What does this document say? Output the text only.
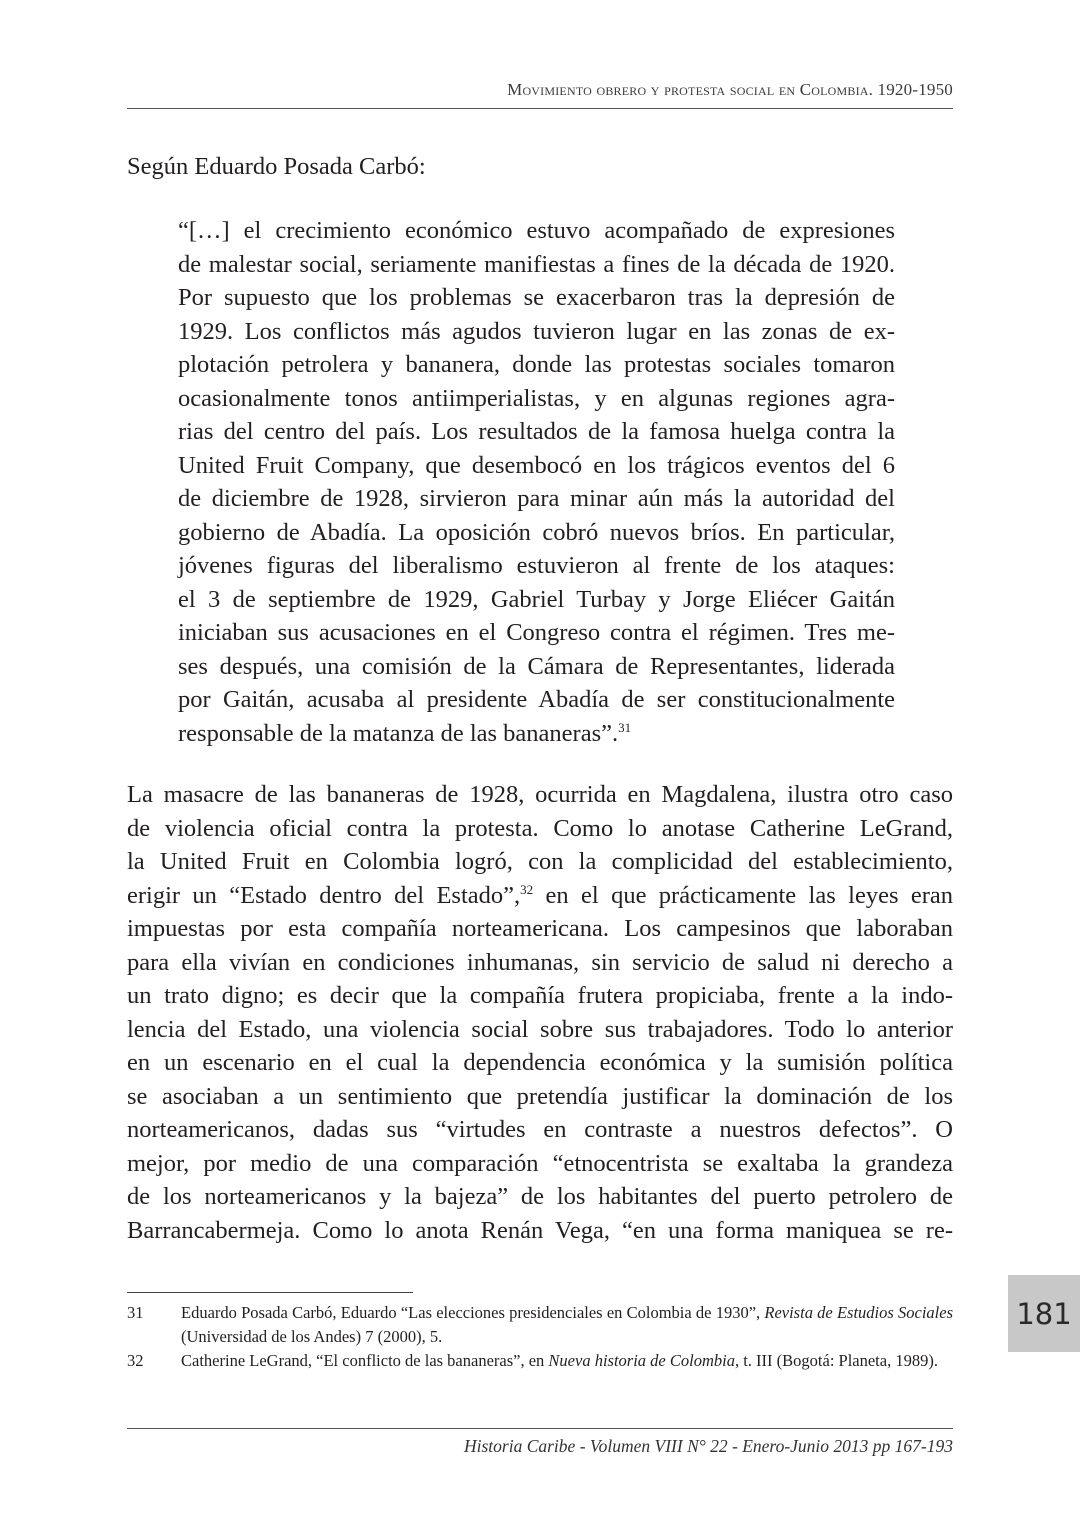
Movimiento obrero y protesta social en Colombia. 1920-1950
Según Eduardo Posada Carbó:
“[…] el crecimiento económico estuvo acompañado de expresiones
de malestar social, seriamente manifiestas a fines de la década de 1920.
Por supuesto que los problemas se exacerbaron tras la depresión de
1929. Los conflictos más agudos tuvieron lugar en las zonas de ex-
plotación petrolera y bananera, donde las protestas sociales tomaron
ocasionalmente tonos antiimperialistas, y en algunas regiones agra-
rias del centro del país. Los resultados de la famosa huelga contra la
United Fruit Company, que desembocó en los trágicos eventos del 6
de diciembre de 1928, sirvieron para minar aún más la autoridad del
gobierno de Abadía. La oposición cobró nuevos bríos. En particular,
jóvenes figuras del liberalismo estuvieron al frente de los ataques:
el 3 de septiembre de 1929, Gabriel Turbay y Jorge Eliécer Gaitán
iniciaban sus acusaciones en el Congreso contra el régimen. Tres me-
ses después, una comisión de la Cámara de Representantes, liderada
por Gaitán, acusaba al presidente Abadía de ser constitucionalmente
responsable de la matanza de las bananeras”.$^{31}$
La masacre de las bananeras de 1928, ocurrida en Magdalena, ilustra otro caso
de violencia oficial contra la protesta. Como lo anotase Catherine LeGrand,
la United Fruit en Colombia logró, con la complicidad del establecimiento,
erigir un “Estado dentro del Estado”,$^{32}$ en el que prácticamente las leyes eran
impuestas por esta compañía norteamericana. Los campesinos que laboraban
para ella vivían en condiciones inhumanas, sin servicio de salud ni derecho a
un trato digno; es decir que la compañía frutera propiciaba, frente a la indo-
lencia del Estado, una violencia social sobre sus trabajadores. Todo lo anterior
en un escenario en el cual la dependencia económica y la sumisión política
se asociaban a un sentimiento que pretendía justificar la dominación de los
norteamericanos, dadas sus “virtudes en contraste a nuestros defectos”. O
mejor, por medio de una comparación “etnocentrista se exaltaba la grandeza
de los norteamericanos y la bajeza” de los habitantes del puerto petrolero de
Barrancabermeja. Como lo anota Renán Vega, “en una forma maniquea se re-
31 Eduardo Posada Carbó, Eduardo “Las elecciones presidenciales en Colombia de 1930”, Revista de Estudios Sociales (Universidad de los Andes) 7 (2000), 5.
32 Catherine LeGrand, “El conflicto de las bananeras”, en Nueva historia de Colombia, t. III (Bogotá: Planeta, 1989).
181
Historia Caribe - Volumen VIII N° 22 - Enero-Junio 2013 pp 167-193
